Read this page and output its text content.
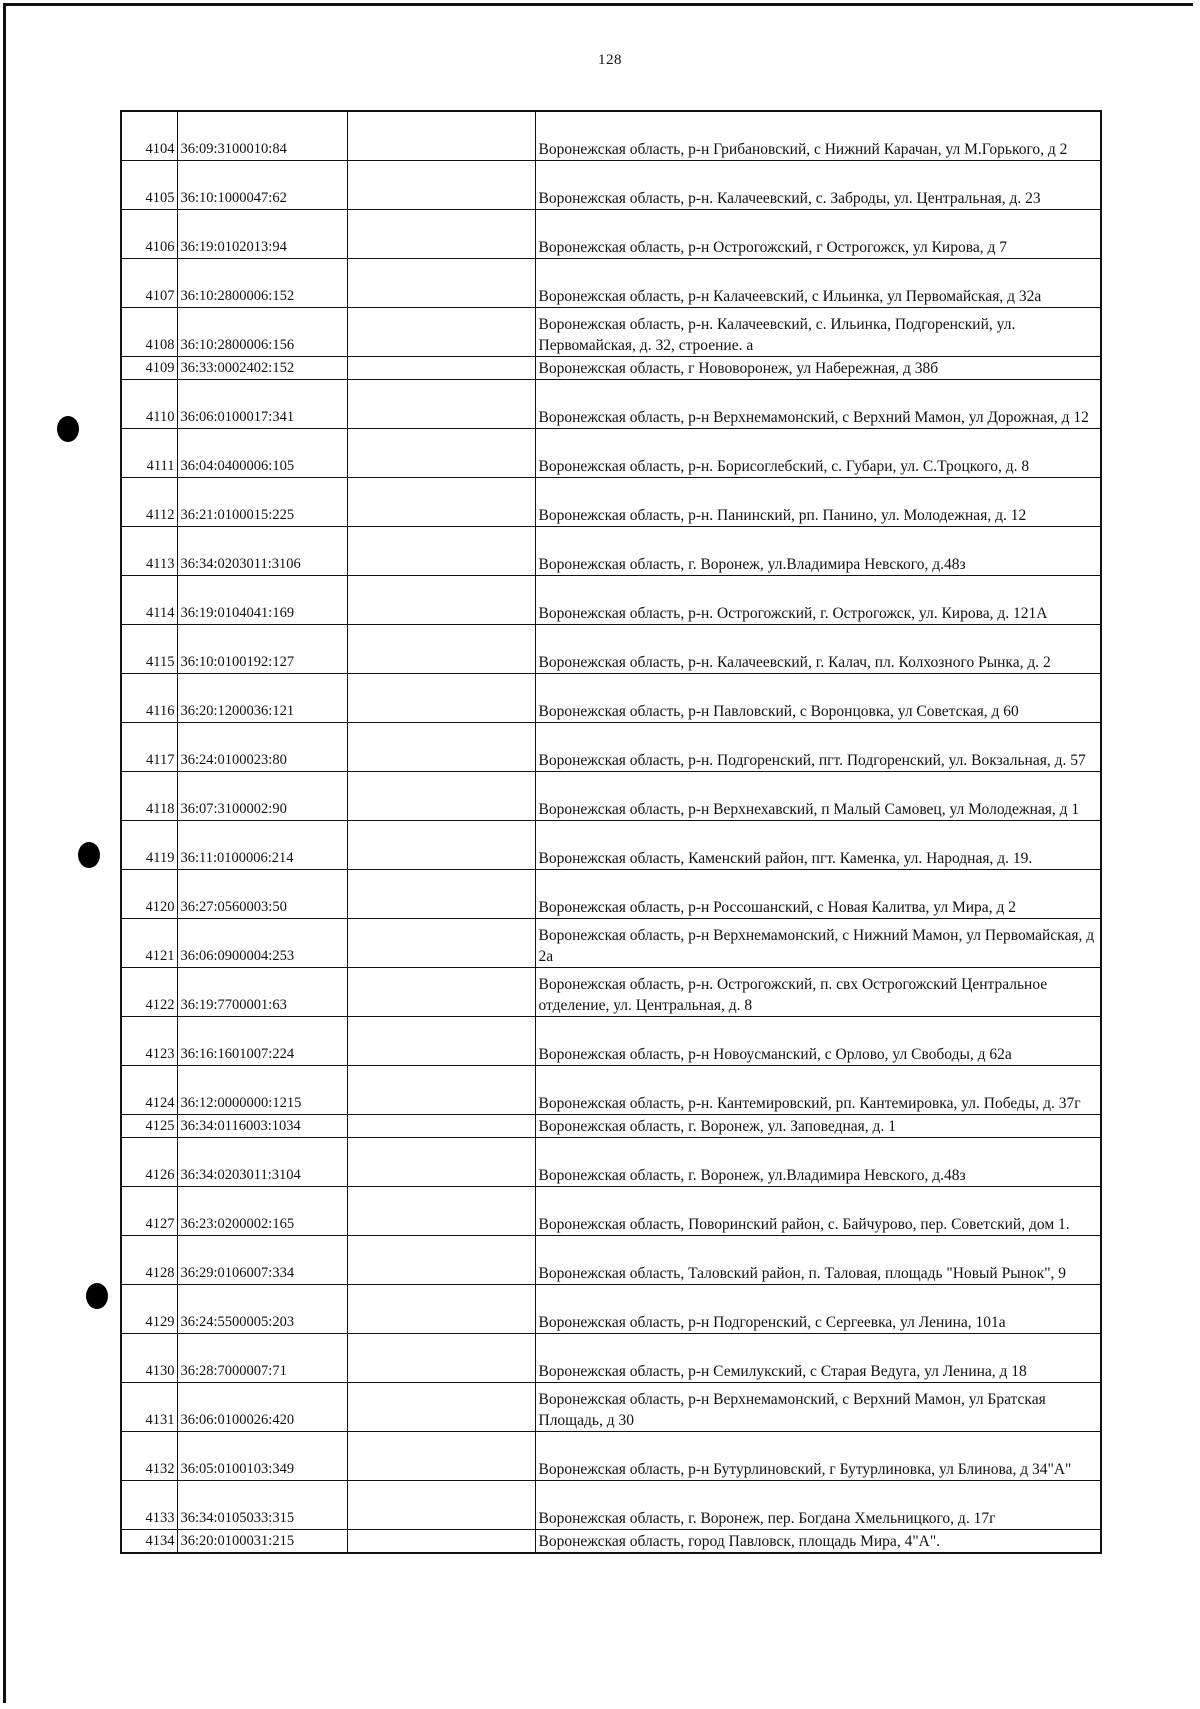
128
4104	36:09:3100010:84		Воронежская область, р-н Грибановский, с Нижний Карачан, ул М.Горького, д 2
4105	36:10:1000047:62		Воронежская область, р-н. Калачеевский, с. Заброды, ул. Центральная, д. 23
4106	36:19:0102013:94		Воронежская область, р-н Острогожский, г Острогожск, ул Кирова, д 7
4107	36:10:2800006:152		Воронежская область, р-н Калачеевский, с Ильинка, ул Первомайская, д 32а
4108	36:10:2800006:156		Воронежская область, р-н. Калачеевский, с. Ильинка, Подгоренский, ул. Первомайская, д. 32, строение. а
4109	36:33:0002402:152		Воронежская область, г Нововоронеж, ул Набережная, д 38б
4110	36:06:0100017:341		Воронежская область, р-н Верхнемамонский, с Верхний Мамон, ул Дорожная, д 12
4111	36:04:0400006:105		Воронежская область, р-н. Борисоглебский, с. Губари, ул. С.Троцкого, д. 8
4112	36:21:0100015:225		Воронежская область, р-н. Панинский, рп. Панино, ул. Молодежная, д. 12
4113	36:34:0203011:3106		Воронежская область, г. Воронеж, ул.Владимира Невского, д.48з
4114	36:19:0104041:169		Воронежская область, р-н. Острогожский, г. Острогожск, ул. Кирова, д. 121А
4115	36:10:0100192:127		Воронежская область, р-н. Калачеевский, г. Калач, пл. Колхозного Рынка, д. 2
4116	36:20:1200036:121		Воронежская область, р-н Павловский, с Воронцовка, ул Советская, д 60
4117	36:24:0100023:80		Воронежская область, р-н. Подгоренский, пгт. Подгоренский, ул. Вокзальная, д. 57
4118	36:07:3100002:90		Воронежская область, р-н Верхнехавский, п Малый Самовец, ул Молодежная, д 1
4119	36:11:0100006:214		Воронежская область, Каменский район, пгт. Каменка, ул. Народная, д. 19.
4120	36:27:0560003:50		Воронежская область, р-н Россошанский, с Новая Калитва, ул Мира, д 2
4121	36:06:0900004:253		Воронежская область, р-н Верхнемамонский, с Нижний Мамон, ул Первомайская, д 2а
4122	36:19:7700001:63		Воронежская область, р-н. Острогожский, п. свх Острогожский Центральное отделение, ул. Центральная, д. 8
4123	36:16:1601007:224		Воронежская область, р-н Новоусманский, с Орлово, ул Свободы, д 62а
4124	36:12:0000000:1215		Воронежская область, р-н. Кантемировский, рп. Кантемировка, ул. Победы, д. 37г
4125	36:34:0116003:1034		Воронежская область, г. Воронеж, ул. Заповедная, д. 1
4126	36:34:0203011:3104		Воронежская область, г. Воронеж, ул.Владимира Невского, д.48з
4127	36:23:0200002:165		Воронежская область, Поворинский район, с. Байчурово, пер. Советский, дом 1.
4128	36:29:0106007:334		Воронежская область, Таловский район, п. Таловая, площадь "Новый Рынок", 9
4129	36:24:5500005:203		Воронежская область, р-н Подгоренский, с Сергеевка, ул Ленина, 101а
4130	36:28:7000007:71		Воронежская область, р-н Семилукский, с Старая Ведуга, ул Ленина, д 18
4131	36:06:0100026:420		Воронежская область, р-н Верхнемамонский, с Верхний Мамон, ул Братская Площадь, д 30
4132	36:05:0100103:349		Воронежская область, р-н Бутурлиновский, г Бутурлиновка, ул Блинова, д 34"А"
4133	36:34:0105033:315		Воронежская область, г. Воронеж, пер. Богдана Хмельницкого, д. 17г
4134	36:20:0100031:215		Воронежская область, город Павловск, площадь Мира, 4"А".
